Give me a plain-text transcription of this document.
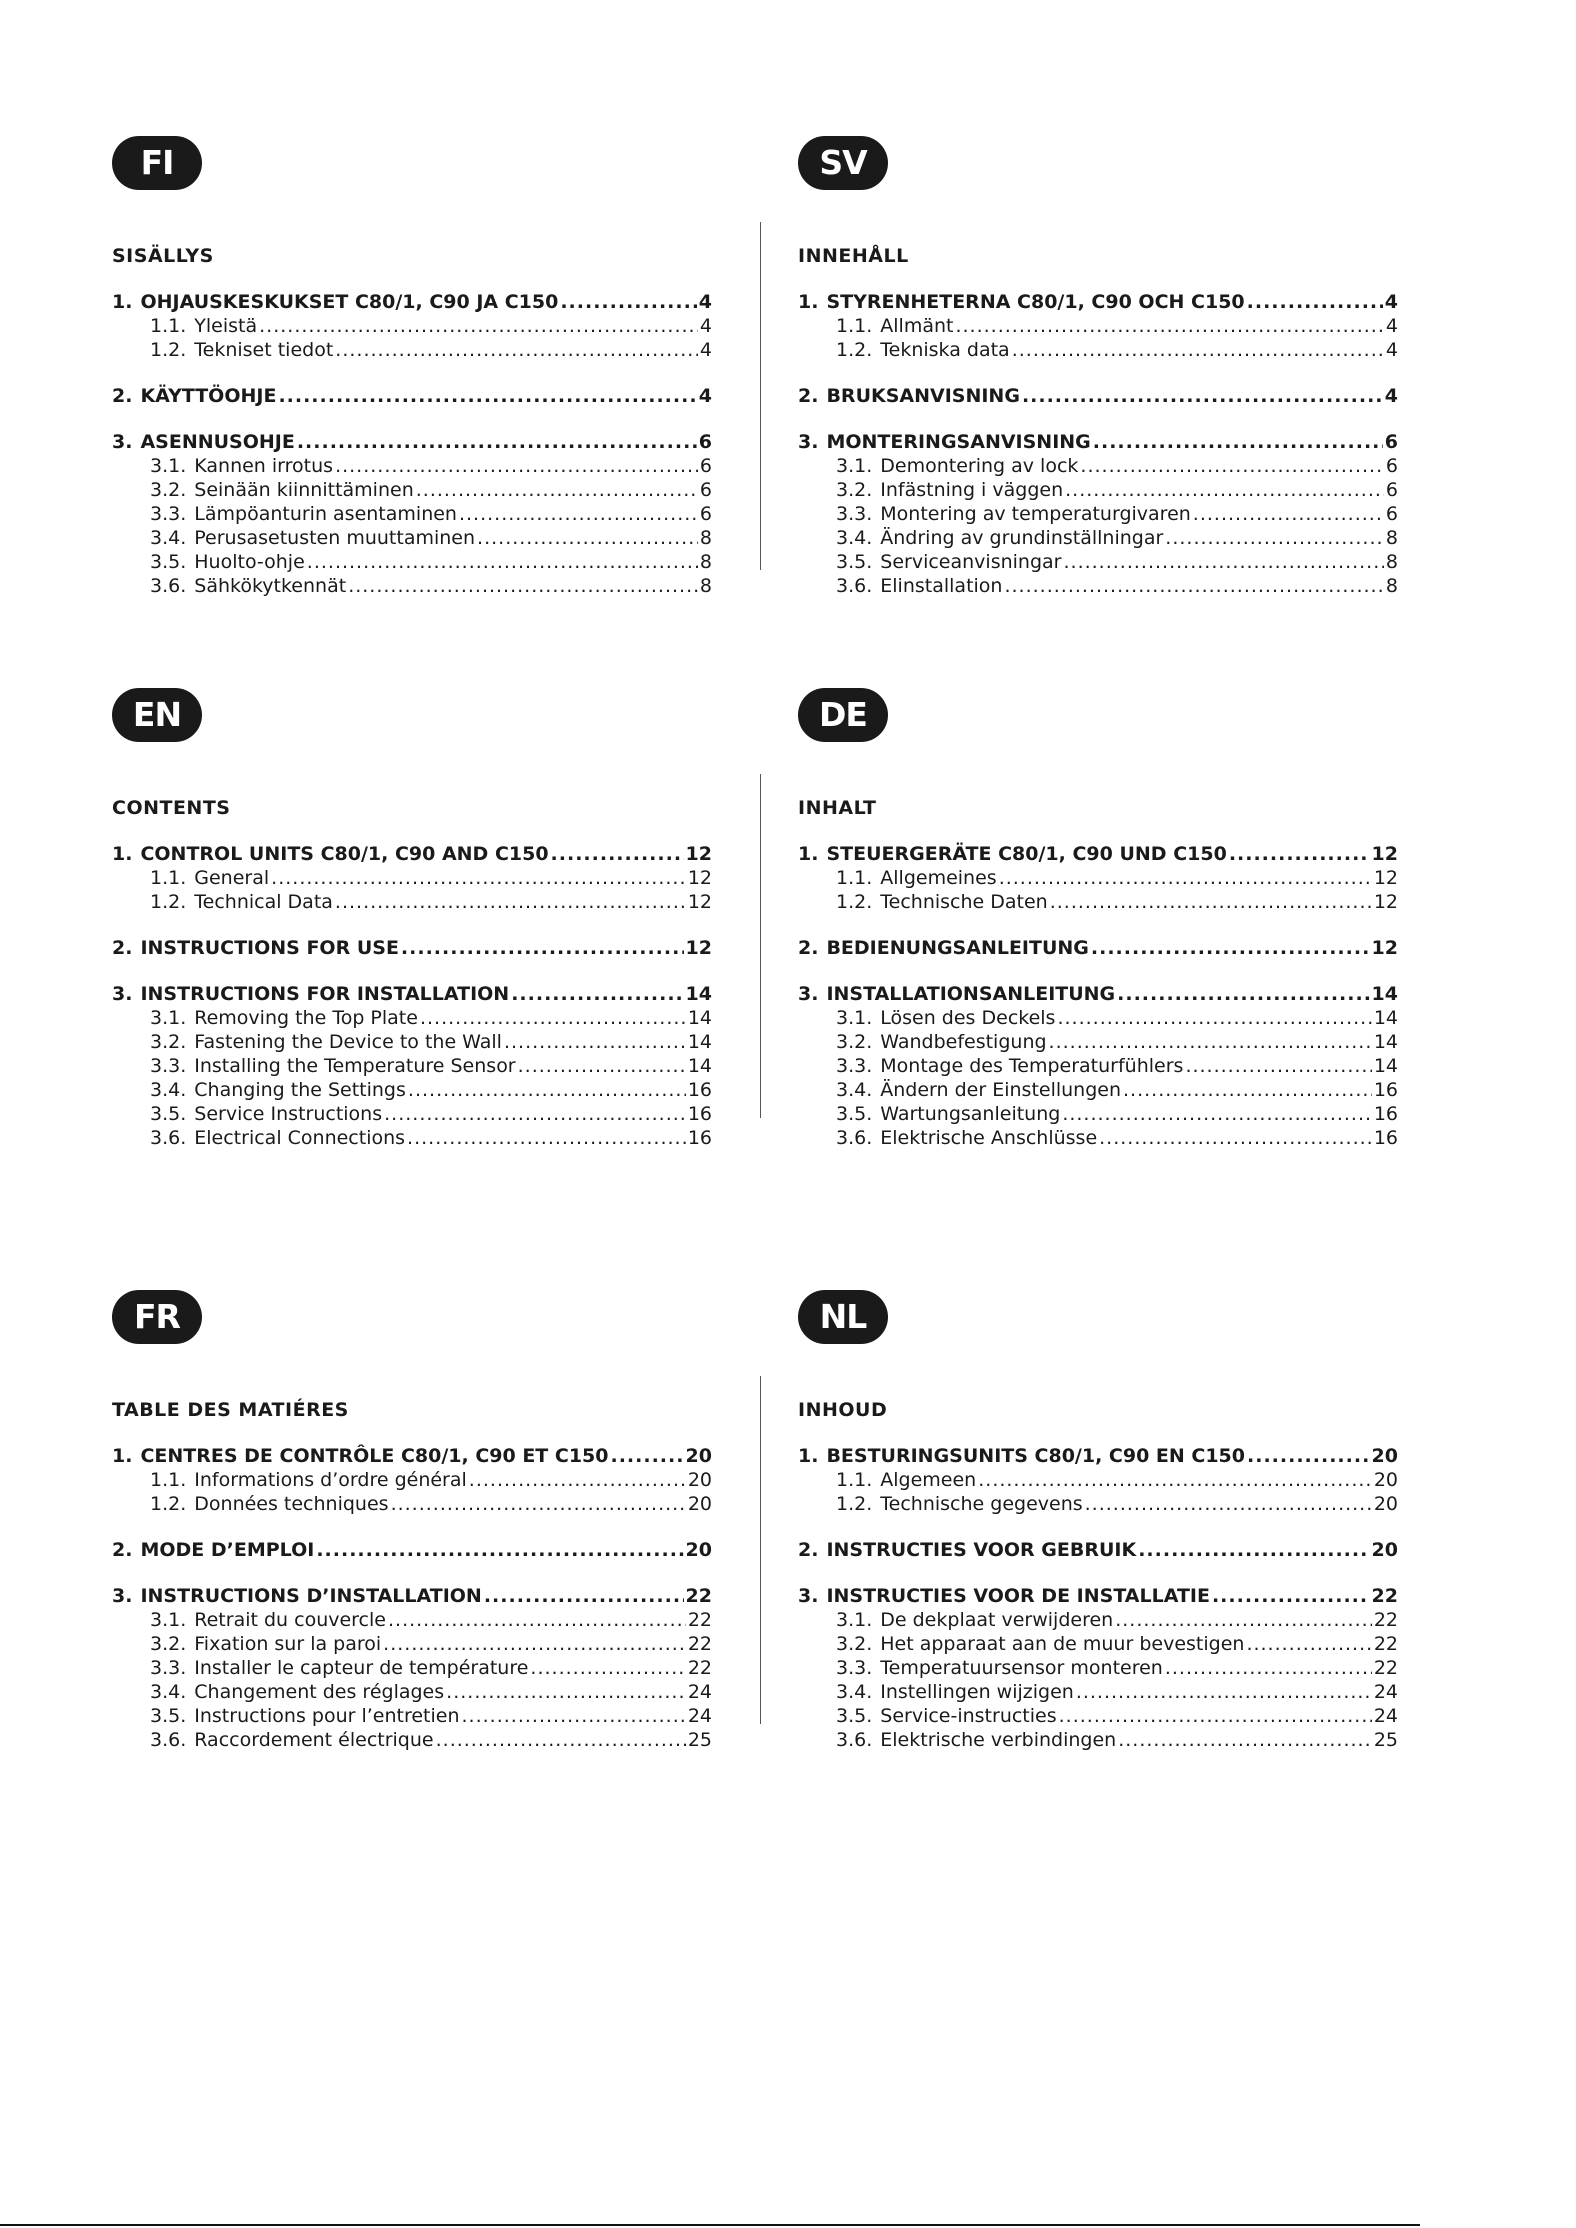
FI
SISÄLLYS
1. OHJAUSKESKUKSET C80/1, C90 JA C150 .....	4
1.1. Yleistä .....	4
1.2. Tekniset tiedot .....	4
2. KÄYTTÖOHJE .....	4
3. ASENNUSOHJE .....	6
3.1. Kannen irrotus .....	6
3.2. Seinään kiinnittäminen .....	6
3.3. Lämpöanturin asentaminen .....	6
3.4. Perusasetusten muuttaminen .....	8
3.5. Huolto-ohje .....	8
3.6. Sähkökytkennät .....	8
SV
INNEHÅLL
1. STYRENHETERNA C80/1, C90 OCH C150 .....	4
1.1. Allmänt .....	4
1.2. Tekniska data .....	4
2. BRUKSANVISNING .....	4
3. MONTERINGSANVISNING .....	6
3.1. Demontering av lock .....	6
3.2. Infästning i väggen .....	6
3.3. Montering av temperaturgivaren .....	6
3.4. Ändring av grundinställningar .....	8
3.5. Serviceanvisningar .....	8
3.6. Elinstallation .....	8
EN
CONTENTS
1. CONTROL UNITS C80/1, C90 AND C150 .....	12
1.1. General .....	12
1.2. Technical Data .....	12
2. INSTRUCTIONS FOR USE .....	12
3. INSTRUCTIONS FOR INSTALLATION .....	14
3.1. Removing the Top Plate .....	14
3.2. Fastening the Device to the Wall .....	14
3.3. Installing the Temperature Sensor .....	14
3.4. Changing the Settings .....	16
3.5. Service Instructions .....	16
3.6. Electrical Connections .....	16
DE
INHALT
1. STEUERGERÄTE C80/1, C90 UND C150 .....	12
1.1. Allgemeines .....	12
1.2. Technische Daten .....	12
2. BEDIENUNGSANLEITUNG .....	12
3. INSTALLATIONSANLEITUNG .....	14
3.1. Lösen des Deckels .....	14
3.2. Wandbefestigung .....	14
3.3. Montage des Temperaturfühlers .....	14
3.4. Ändern der Einstellungen .....	16
3.5. Wartungsanleitung .....	16
3.6. Elektrische Anschlüsse .....	16
FR
TABLE DES MATIÉRES
1. CENTRES DE CONTRÔLE C80/1, C90 ET C150 .....	20
1.1. Informations d’ordre général .....	20
1.2. Données techniques .....	20
2. MODE D’EMPLOI .....	20
3. INSTRUCTIONS D’INSTALLATION .....	22
3.1. Retrait du couvercle .....	22
3.2. Fixation sur la paroi .....	22
3.3. Installer le capteur de température .....	22
3.4. Changement des réglages .....	24
3.5. Instructions pour l’entretien .....	24
3.6. Raccordement électrique .....	25
NL
INHOUD
1. BESTURINGSUNITS C80/1, C90 EN C150 .....	20
1.1. Algemeen .....	20
1.2. Technische gegevens .....	20
2. INSTRUCTIES VOOR GEBRUIK .....	20
3. INSTRUCTIES VOOR DE INSTALLATIE .....	22
3.1. De dekplaat verwijderen .....	22
3.2. Het apparaat aan de muur bevestigen .....	22
3.3. Temperatuursensor monteren .....	22
3.4. Instellingen wijzigen .....	24
3.5. Service-instructies .....	24
3.6. Elektrische verbindingen .....	25
